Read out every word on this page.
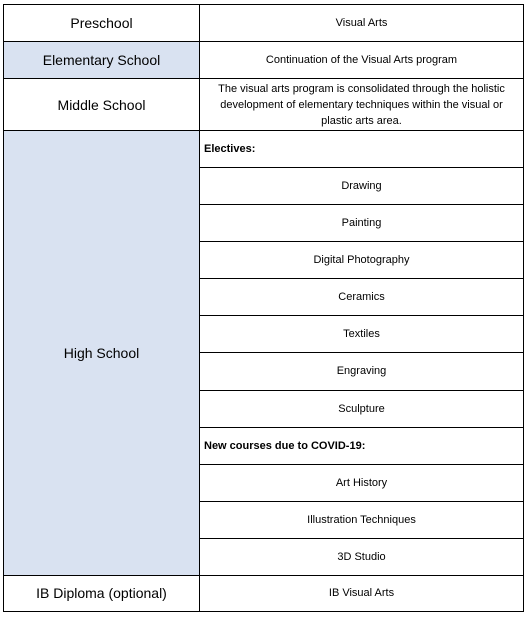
Preschool	Visual Arts
Elementary School	Continuation of the Visual Arts program
Middle School	The visual arts program is consolidated through the holistic development of elementary techniques within the visual or plastic arts area.
High School	Electives:
	Drawing
	Painting
	Digital Photography
	Ceramics
	Textiles
	Engraving
	Sculpture
	New courses due to COVID-19:
	Art History
	Illustration Techniques
	3D Studio
IB Diploma (optional)	IB Visual Arts
